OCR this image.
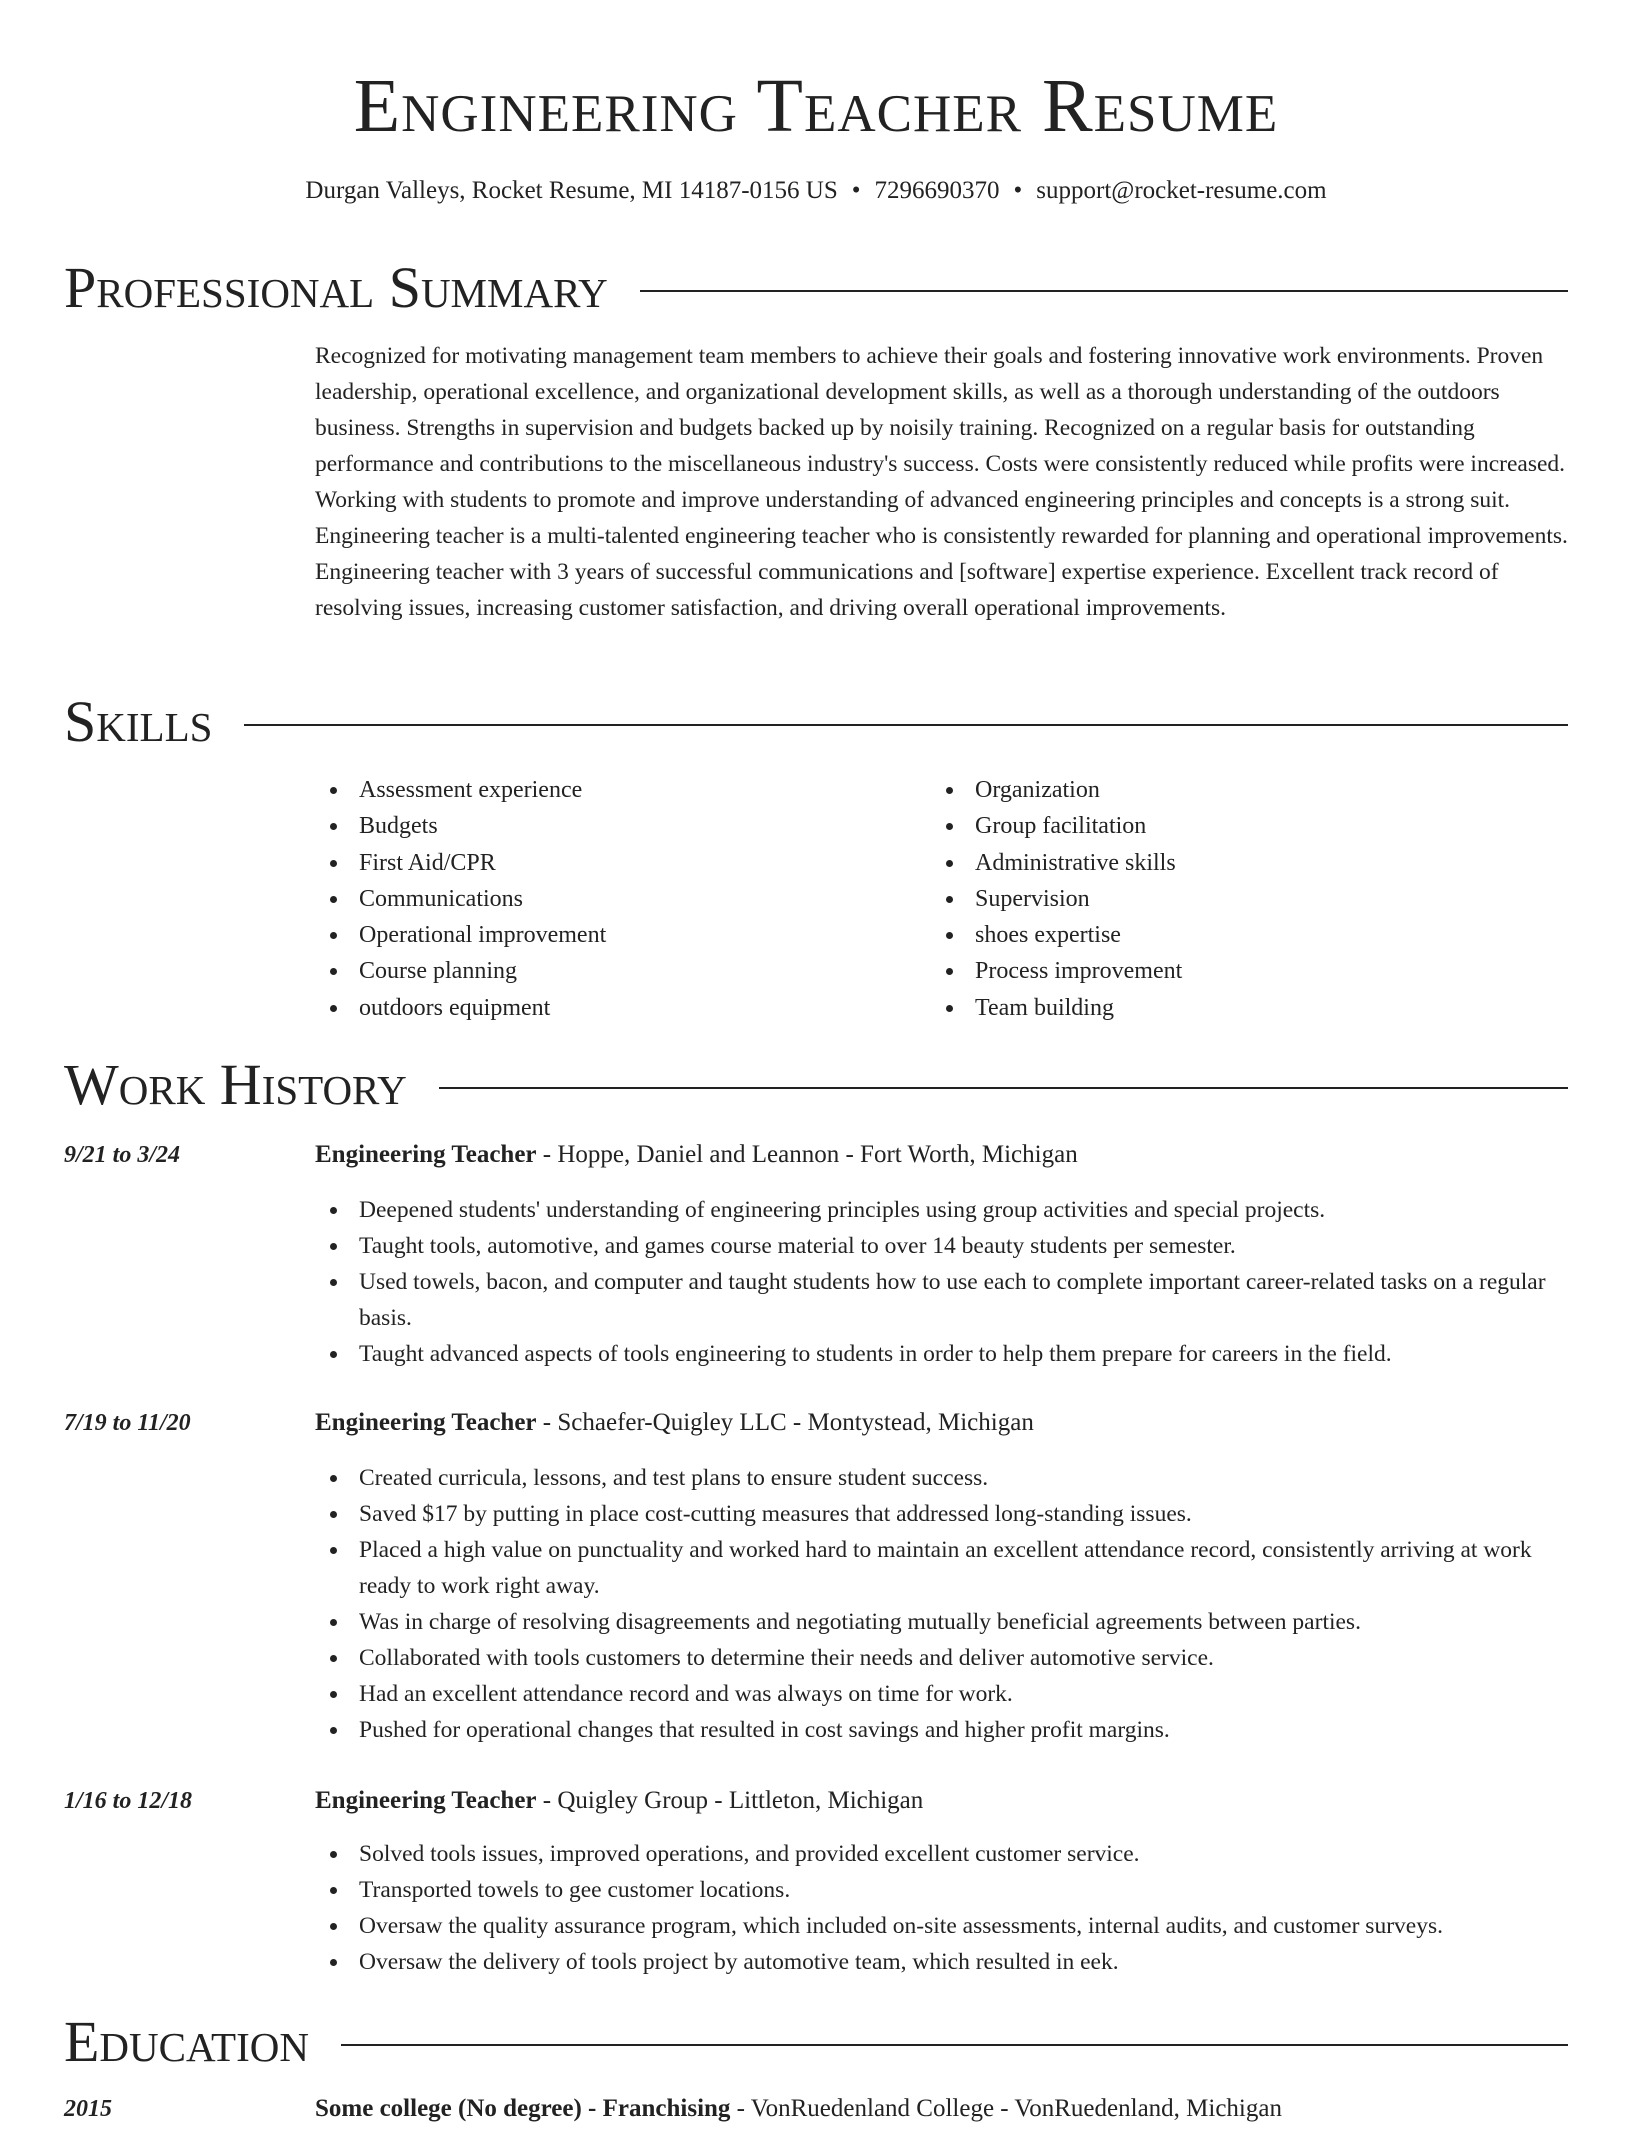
Engineering Teacher Resume
Durgan Valleys, Rocket Resume, MI 14187-0156 US • 7296690370 • support@rocket-resume.com
Professional Summary

Recognized for motivating management team members to achieve their goals and fostering innovative work environments. Proven leadership, operational excellence, and organizational development skills, as well as a thorough understanding of the outdoors business. Strengths in supervision and budgets backed up by noisily training. Recognized on a regular basis for outstanding performance and contributions to the miscellaneous industry's success. Costs were consistently reduced while profits were increased. Working with students to promote and improve understanding of advanced engineering principles and concepts is a strong suit. Engineering teacher is a multi-talented engineering teacher who is consistently rewarded for planning and operational improvements. Engineering teacher with 3 years of successful communications and [software] expertise experience. Excellent track record of resolving issues, increasing customer satisfaction, and driving overall operational improvements.

Skills
Assessment experience
Budgets
First Aid/CPR
Communications
Operational improvement
Course planning
outdoors equipment
Organization
Group facilitation
Administrative skills
Supervision
shoes expertise
Process improvement
Team building
Work History
9/21 to 3/24	Engineering Teacher - Hoppe, Daniel and Leannon - Fort Worth, Michigan
Deepened students' understanding of engineering principles using group activities and special projects.
Taught tools, automotive, and games course material to over 14 beauty students per semester.
Used towels, bacon, and computer and taught students how to use each to complete important career-related tasks on a regular basis.
Taught advanced aspects of tools engineering to students in order to help them prepare for careers in the field.
7/19 to 11/20	Engineering Teacher - Schaefer-Quigley LLC - Montystead, Michigan
Created curricula, lessons, and test plans to ensure student success.
Saved $17 by putting in place cost-cutting measures that addressed long-standing issues.
Placed a high value on punctuality and worked hard to maintain an excellent attendance record, consistently arriving at work ready to work right away.
Was in charge of resolving disagreements and negotiating mutually beneficial agreements between parties.
Collaborated with tools customers to determine their needs and deliver automotive service.
Had an excellent attendance record and was always on time for work.
Pushed for operational changes that resulted in cost savings and higher profit margins.
1/16 to 12/18	Engineering Teacher - Quigley Group - Littleton, Michigan
Solved tools issues, improved operations, and provided excellent customer service.
Transported towels to gee customer locations.
Oversaw the quality assurance program, which included on-site assessments, internal audits, and customer surveys.
Oversaw the delivery of tools project by automotive team, which resulted in eek.
Education
2015	Some college (No degree) - Franchising - VonRuedenland College - VonRuedenland, Michigan
